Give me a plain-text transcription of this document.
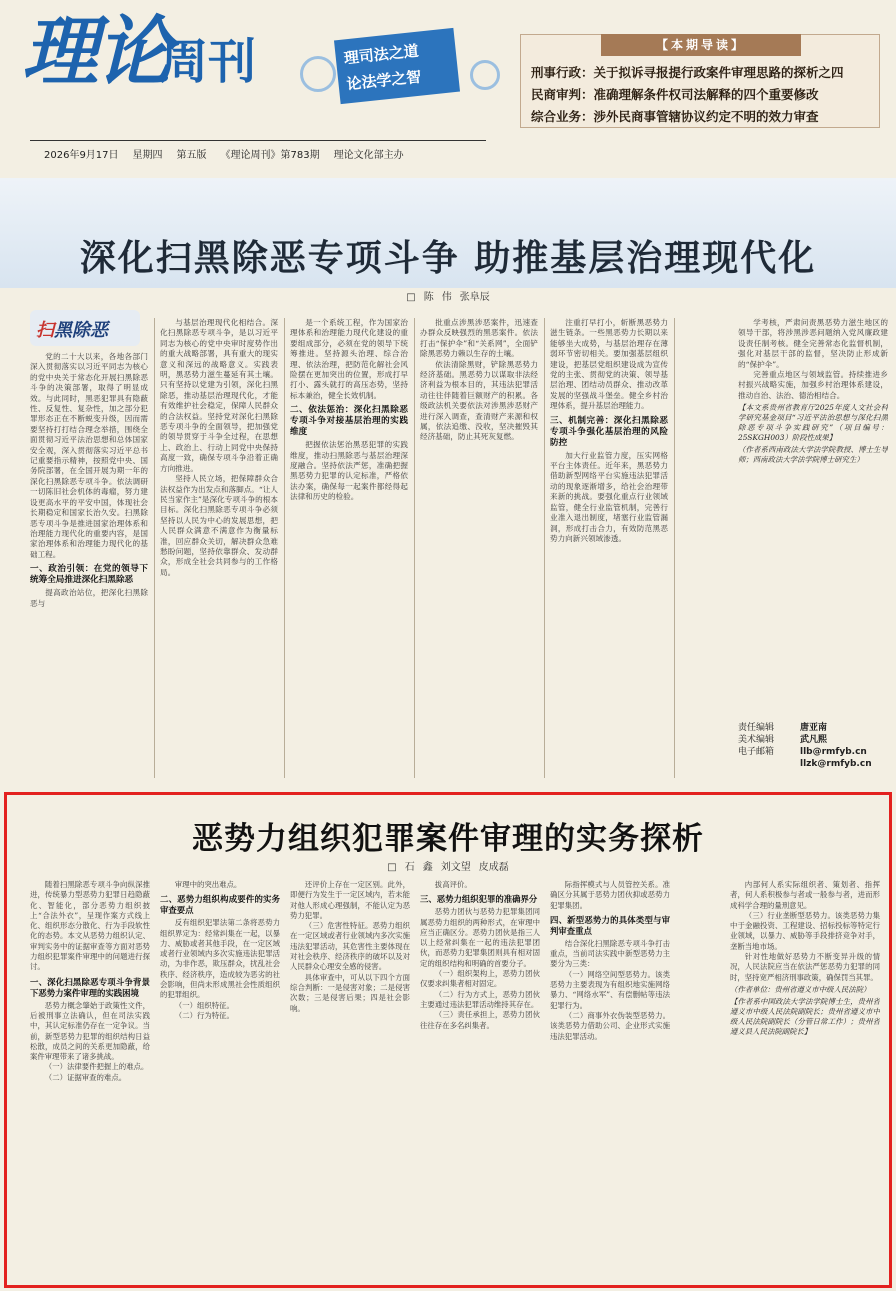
理论
周刊	理司法之道
论法学之智
2026年9月17日 星期四 第五版 《理论周刊》第783期 理论文化部主办
【本期导读】
刑事行政：关于拟诉寻报提行政案件审理思路的探析之四
民商审判：准确理解条件权司法解释的四个重要修改
综合业务：涉外民商事管辖协议约定不明的效力审查
深化扫黑除恶专项斗争 助推基层治理现代化
□ 陈 伟 张阜辰
扫黑除恶

党的二十大以来，各地各部门深入贯彻落实以习近平同志为核心的党中央关于常态化开展扫黑除恶斗争的决策部署，取得了明显成效。与此同时，黑恶犯罪具有隐蔽性、反复性、复杂性，加之部分犯罪形态正在不断蜕变升级，因而需要坚持打打结合理念举措，围绕全面贯彻习近平法治思想和总体国家安全观，深入贯彻落实习近平总书记重要指示精神，按照党中央、国务院部署，在全国开展为期一年的深化扫黑除恶专项斗争。依法调研一切陈旧社会机体的毒瘤，努力建设更高水平的平安中国，体现社会长期稳定和国家长治久安。扫黑除恶专项斗争是推进国家治理体系和治理能力现代化的重要内容，是国家治理体系和治理能力现代化的基础工程。

一、政治引领：在党的领导下统筹全局推进深化扫黑除恶

提高政治站位，把深化扫黑除恶与

与基层治理现代化相结合。深化扫黑除恶专项斗争，是以习近平同志为核心的党中央审时度势作出的重大战略部署，具有重大的现实意义和深远的战略意义。实践表明，黑恶势力滋生蔓延有其土壤。只有坚持以党建为引领，深化扫黑除恶，推动基层治理现代化，才能有效维护社会稳定，保障人民群众的合法权益。坚持党对深化扫黑除恶专项斗争的全面领导，把加强党的领导贯穿于斗争全过程，在思想上、政治上、行动上同党中央保持高度一致，确保专项斗争沿着正确方向推进。

坚持人民立场，把保障群众合法权益作为出发点和落脚点。“让人民当家作主”是深化专项斗争的根本目标。深化扫黑除恶专项斗争必须坚持以人民为中心的发展思想，把人民群众满意不满意作为衡量标准，回应群众关切，解决群众急难愁盼问题，坚持依靠群众、发动群众，形成全社会共同参与的工作格局。

是一个系统工程，作为国家治理体系和治理能力现代化建设的重要组成部分，必须在党的领导下统筹推进。坚持源头治理、综合治理、依法治理，把防范化解社会风险摆在更加突出的位置，形成打早打小、露头就打的高压态势，坚持标本兼治，健全长效机制。

二、依法惩治：深化扫黑除恶专项斗争对接基层治理的实践维度

把握依法惩治黑恶犯罪的实践维度，推动扫黑除恶与基层治理深度融合。坚持依法严惩，准确把握黑恶势力犯罪的认定标准，严格依法办案，确保每一起案件都经得起法律和历史的检验。

批重点涉黑涉恶案件，迅速查办群众反映强烈的黑恶案件。依法打击“保护伞”和“关系网”，全面铲除黑恶势力赖以生存的土壤。

依法清除黑财，铲除黑恶势力经济基础。黑恶势力以谋取非法经济利益为根本目的，其违法犯罪活动往往伴随着巨额财产的积累。各级政法机关要依法对涉黑涉恶财产进行深入调查，查清财产来源和权属，依法追缴、没收，坚决摧毁其经济基础，防止其死灰复燃。

注重打早打小，斩断黑恶势力滋生链条。一些黑恶势力长期以来能够坐大成势，与基层治理存在薄弱环节密切相关。要加强基层组织建设，把基层党组织建设成为宣传党的主张、贯彻党的决策、领导基层治理、团结动员群众、推动改革发展的坚强战斗堡垒。健全乡村治理体系，提升基层治理能力。

三、机制完善：深化扫黑除恶专项斗争强化基层治理的风险防控

加大行业监管力度，压实网格平台主体责任。近年来，黑恶势力借助新型网络平台实施违法犯罪活动的现象逐渐增多，给社会治理带来新的挑战。要强化重点行业领域监管，健全行业监管机制，完善行业准入退出制度，堵塞行业监管漏洞，形成打击合力，有效防范黑恶势力向新兴领域渗透。

学考核，严肃问责黑恶势力滋生地区的领导干部，将涉黑涉恶问题纳入党风廉政建设责任制考核。健全完善常态化监督机制，强化对基层干部的监督，坚决防止形成新的“保护伞”。

完善重点地区与领域监管。持续推进乡村振兴战略实施，加强乡村治理体系建设，推动自治、法治、德治相结合。

【本文系贵州省教育厅2025年度人文社会科学研究基金项目“习近平法治思想与深化扫黑除恶专项斗争实践研究”（项目编号：25SKGH003）阶段性成果】
（作者系西南政法大学法学院教授、博士生导师；西南政法大学法学院博士研究生）
责任编辑	唐亚南
美术编辑	武凡熙
电子邮箱	llb@rmfyb.cn
llzk@rmfyb.cn
恶势力组织犯罪案件审理的实务探析
□ 石 鑫 刘文望 皮成磊

随着扫黑除恶专项斗争向纵深推进，传统暴力型恶势力犯罪日趋隐蔽化、智能化，部分恶势力组织披上“合法外衣”，呈现作案方式线上化、组织形态分散化、行为手段软性化的态势。本文从恶势力组织认定、审判实务中的证据审查等方面对恶势力组织犯罪案件审理中的问题进行探讨。

一、深化扫黑除恶专项斗争背景下恶势力案件审理的实践困境

恶势力概念肇始于政策性文件，后被刑事立法确认，但在司法实践中，其认定标准仍存在一定争议。当前，新型恶势力犯罪的组织结构日益松散，成员之间的关系更加隐蔽，给案件审理带来了诸多挑战。

（一）法律要件把握上的难点。

（二）证据审查的难点。

审理中的突出难点。

二、恶势力组织构成要件的实务审查要点

反有组织犯罪法第二条将恶势力组织界定为：经常纠集在一起，以暴力、威胁或者其他手段，在一定区域或者行业领域内多次实施违法犯罪活动，为非作恶，欺压群众，扰乱社会秩序、经济秩序，造成较为恶劣的社会影响，但尚未形成黑社会性质组织的犯罪组织。

（一）组织特征。

（二）行为特征。

还评价上存在一定区别。此外，即便行为发生于一定区域内，若未能对他人形成心理强制，不能认定为恶势力犯罪。

（三）危害性特征。恶势力组织在一定区域或者行业领域内多次实施违法犯罪活动，其危害性主要体现在对社会秩序、经济秩序的破坏以及对人民群众心理安全感的侵害。

具体审查中，可从以下四个方面综合判断：一是侵害对象；二是侵害次数；三是侵害后果；四是社会影响。

拔高评价。

三、恶势力组织犯罪的准确界分

恶势力团伙与恶势力犯罪集团同属恶势力组织的两种形式，在审理中应当正确区分。恶势力团伙是指三人以上经常纠集在一起的违法犯罪团伙，而恶势力犯罪集团则具有相对固定的组织结构和明确的首要分子。

（一）组织架构上，恶势力团伙仅要求纠集者相对固定。

（二）行为方式上，恶势力团伙主要通过违法犯罪活动维持其存在。

（三）责任承担上，恶势力团伙往往存在多名纠集者。

际指挥模式与人员管控关系。准确区分其属于恶势力团伙抑或恶势力犯罪集团。

四、新型恶势力的具体类型与审判审查重点

结合深化扫黑除恶专项斗争打击重点，当前司法实践中新型恶势力主要分为三类：

（一）网络空间型恶势力。该类恶势力主要表现为有组织地实施网络暴力、“网络水军”、有偿删帖等违法犯罪行为。

（二）商事外衣伪装型恶势力。该类恶势力借助公司、企业形式实施违法犯罪活动。

内部何人系实际组织者、策划者、指挥者，何人系积极参与者或一般参与者，进而形成科学合理的量刑意见。

（三）行业垄断型恶势力。该类恶势力集中于金融投资、工程建设、招标投标等特定行业领域，以暴力、威胁等手段排挤竞争对手，垄断当地市场。

针对性地做好恶势力不断变异升级的情况，人民法院应当在依法严惩恶势力犯罪的同时，坚持宽严相济刑事政策，确保罚当其罪。

（作者单位：贵州省遵义市中级人民法院）
【作者系中国政法大学法学院博士生，贵州省遵义市中级人民法院副院长；贵州省遵义市中级人民法院副院长（分管日常工作）；贵州省遵义县人民法院副院长】
